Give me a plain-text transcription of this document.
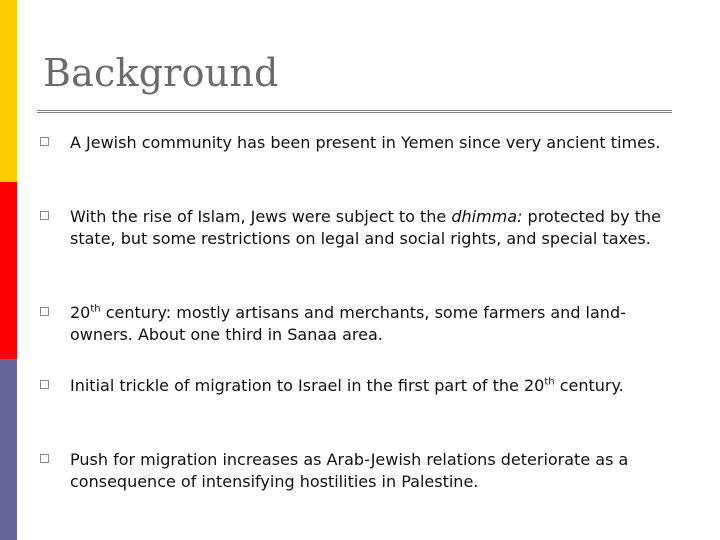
Background
A Jewish community has been present in Yemen since very ancient times.
With the rise of Islam, Jews were subject to the dhimma: protected by the state, but some restrictions on legal and social rights, and special taxes.
20th century: mostly artisans and merchants, some farmers and land-owners. About one third in Sanaa area.
Initial trickle of migration to Israel in the first part of the 20th century.
Push for migration increases as Arab-Jewish relations deteriorate as a consequence of intensifying hostilities in Palestine.
